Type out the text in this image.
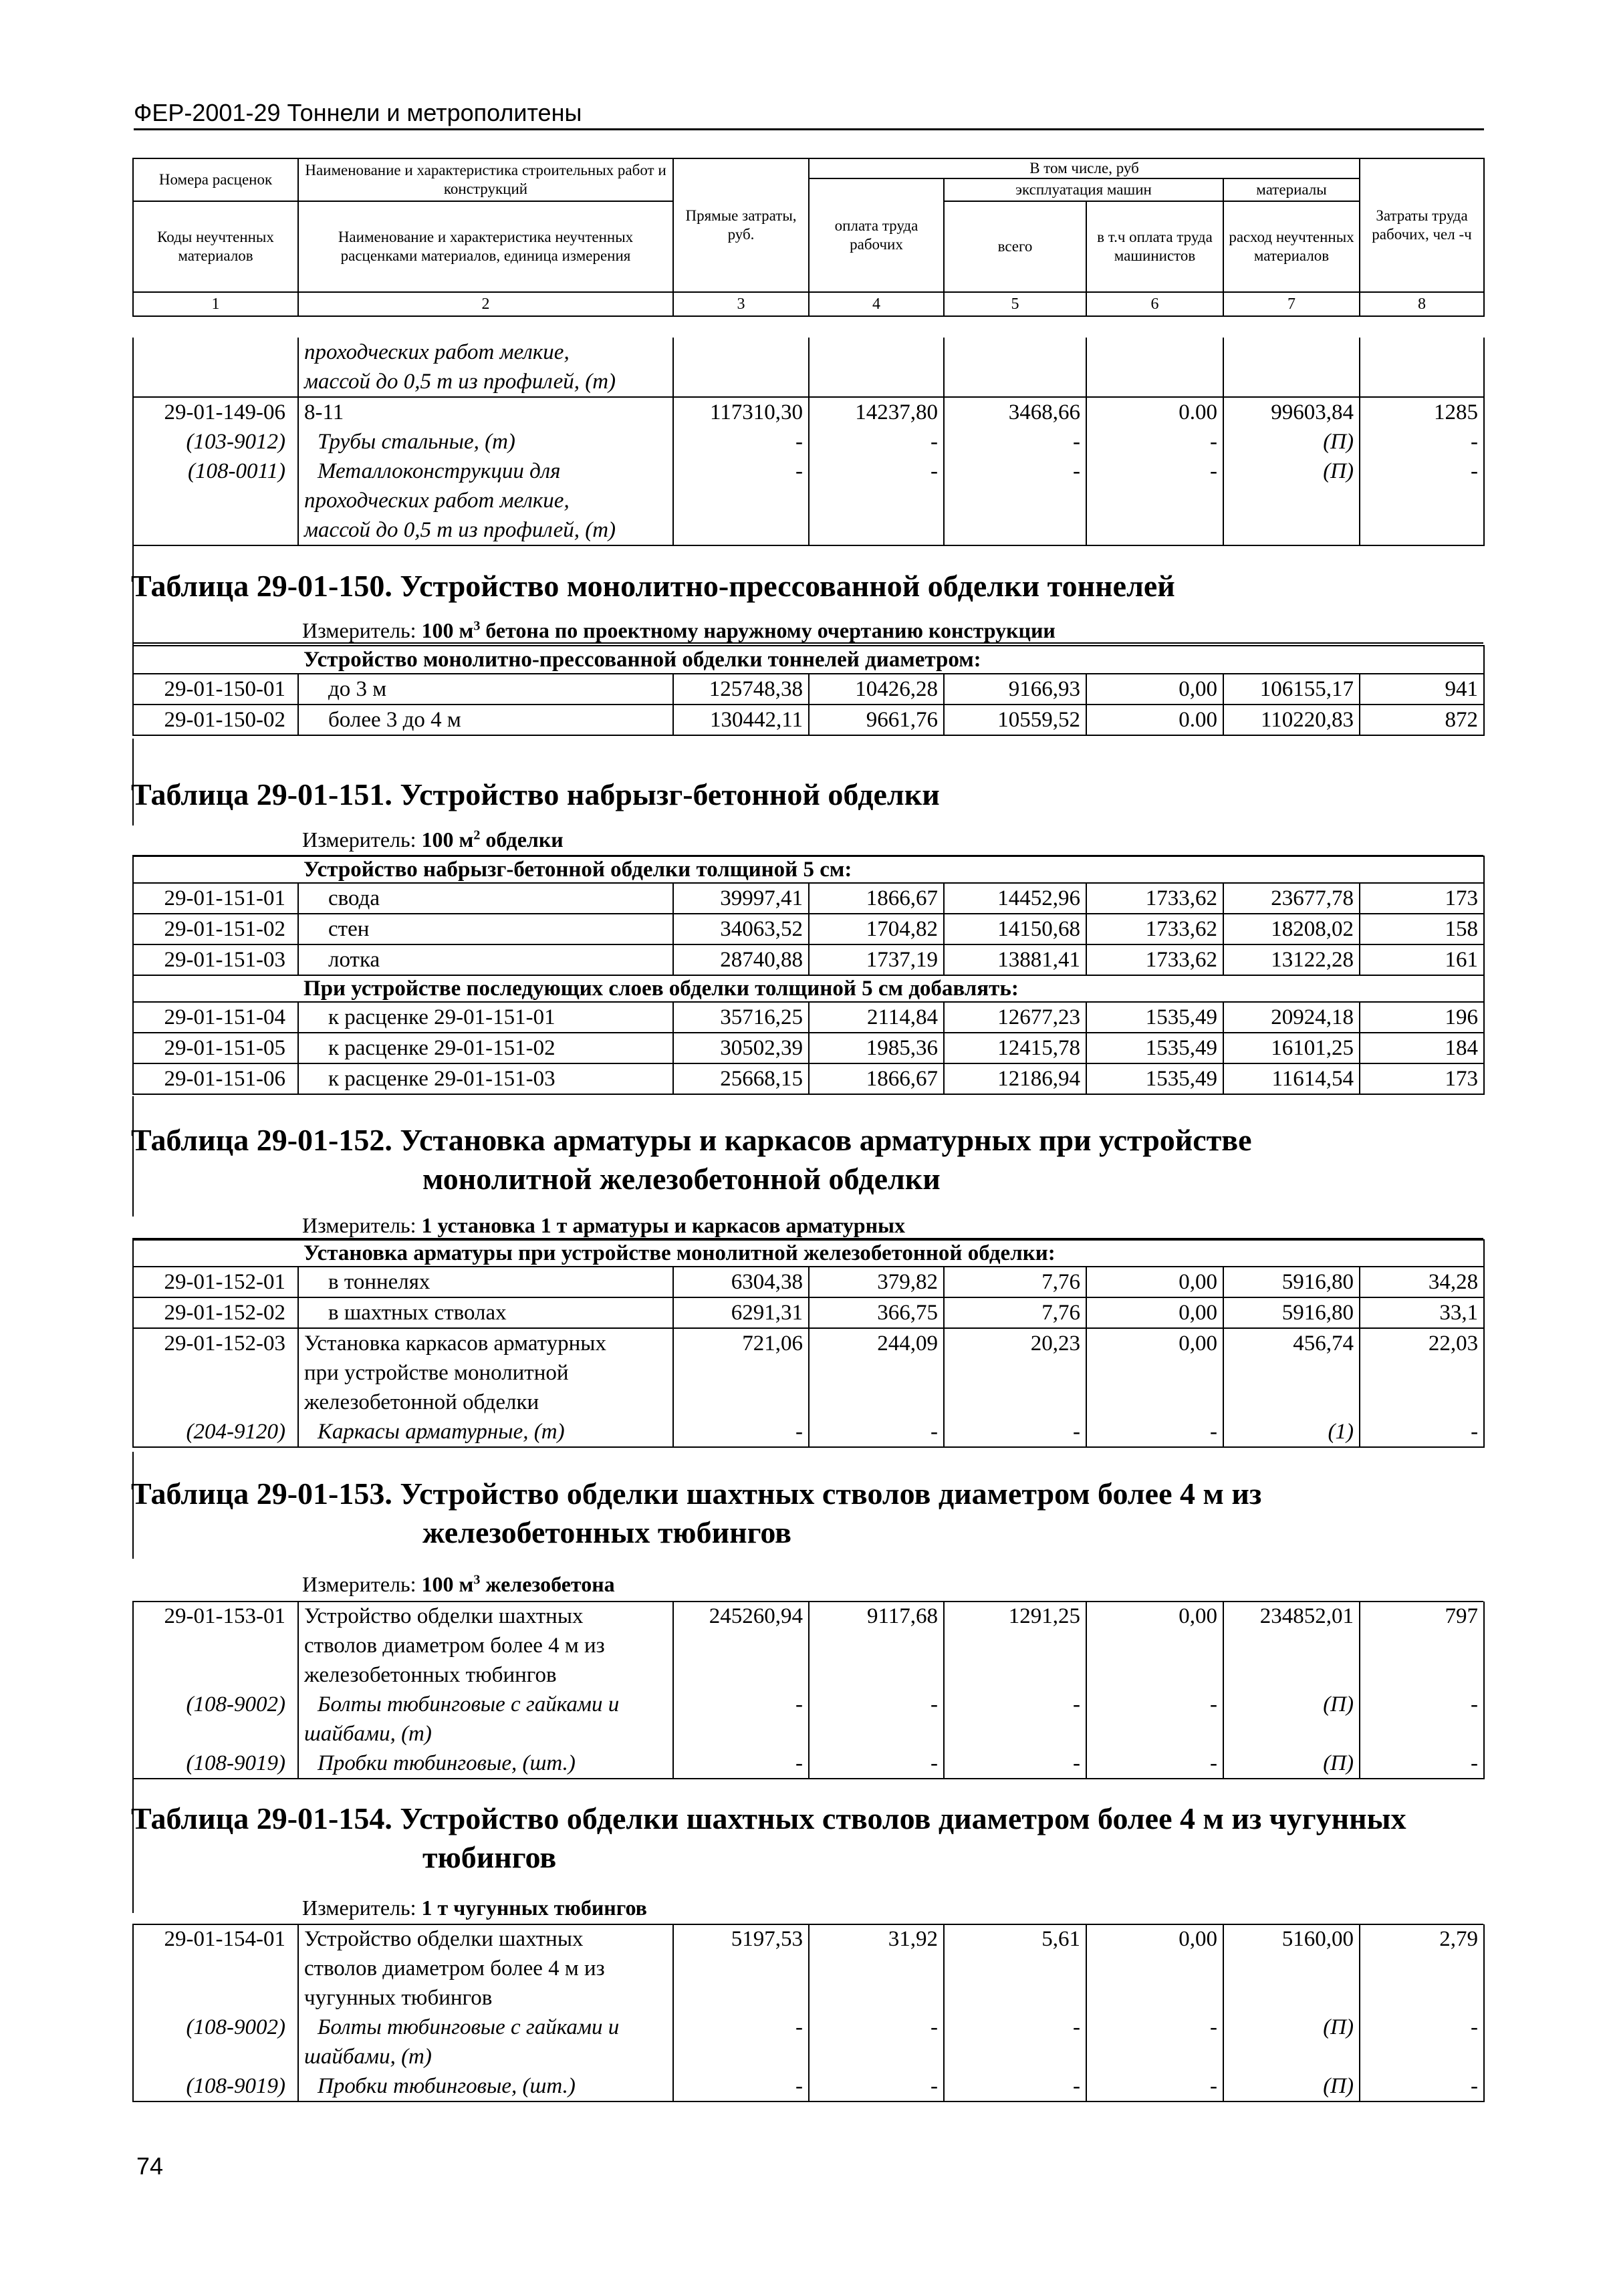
ФЕР-2001-29 Тоннели и метрополитены
Номера расценок	Наименование и характеристика строительных работ и конструкций	Прямые затраты, руб.	В том числе, руб				Затраты труда рабочих, чел -ч
			оплата труда рабочих	эксплуатация машин		материалы	
Коды неучтенных материалов	Наименование и характеристика неучтенных расценками материалов, единица измерения			всего	в т.ч оплата труда машинистов	расход неучтенных материалов	

1	2	3	4	5	6	7	8
	проходческих работ мелкие,						
	массой до 0,5 т из профилей, (т)						
29-01-149-06	8-11	117310,30	14237,80	3468,66	0.00	99603,84	1285
(103-9012)	Трубы стальные, (т)	-	-	-	-	(П)	-
(108-0011)	Металлоконструкции для	-	-	-	-	(П)	-
	проходческих работ мелкие,						
	массой до 0,5 т из профилей, (т)						
Таблица 29-01-150. Устройство монолитно-прессованной обделки тоннелей
Измеритель: 100 $м^3$ бетона по проектному наружному очертанию конструкции
	Устройство монолитно-прессованной обделки тоннелей диаметром:						
29-01-150-01	до 3 м	125748,38	10426,28	9166,93	0,00	106155,17	941
29-01-150-02	более 3 до 4 м	130442,11	9661,76	10559,52	0.00	110220,83	872
Таблица 29-01-151. Устройство набрызг-бетонной обделки
Измеритель: 100 $м^2$ обделки
	Устройство набрызг-бетонной обделки толщиной 5 см:						
29-01-151-01	свода	39997,41	1866,67	14452,96	1733,62	23677,78	173
29-01-151-02	стен	34063,52	1704,82	14150,68	1733,62	18208,02	158
29-01-151-03	лотка	28740,88	1737,19	13881,41	1733,62	13122,28	161
	При устройстве последующих слоев обделки толщиной 5 см добавлять:						
29-01-151-04	к расценке 29-01-151-01	35716,25	2114,84	12677,23	1535,49	20924,18	196
29-01-151-05	к расценке 29-01-151-02	30502,39	1985,36	12415,78	1535,49	16101,25	184
29-01-151-06	к расценке 29-01-151-03	25668,15	1866,67	12186,94	1535,49	11614,54	173
Таблица 29-01-152. Установка арматуры и каркасов арматурных при устройстве
монолитной железобетонной обделки
Измеритель: 1 установка 1 т арматуры и каркасов арматурных
	Установка арматуры при устройстве монолитной железобетонной обделки:						
29-01-152-01	в тоннелях	6304,38	379,82	7,76	0,00	5916,80	34,28
29-01-152-02	в шахтных стволах	6291,31	366,75	7,76	0,00	5916,80	33,1
29-01-152-03	Установка каркасов арматурных	721,06	244,09	20,23	0,00	456,74	22,03
	при устройстве монолитной						
	железобетонной обделки						
(204-9120)	Каркасы арматурные, (т)	-	-	-	-	(1)	-
Таблица 29-01-153. Устройство обделки шахтных стволов диаметром более 4 м из
железобетонных тюбингов
Измеритель: 100 $м^3$ железобетона
29-01-153-01	Устройство обделки шахтных	245260,94	9117,68	1291,25	0,00	234852,01	797
	стволов диаметром более 4 м из						
	железобетонных тюбингов						
(108-9002)	Болты тюбинговые с гайками и	-	-	-	-	(П)	-
	шайбами, (т)						
(108-9019)	Пробки тюбинговые, (шт.)	-	-	-	-	(П)	-
Таблица 29-01-154. Устройство обделки шахтных стволов диаметром более 4 м из чугунных
тюбингов
Измеритель: 1 т чугунных тюбингов
29-01-154-01	Устройство обделки шахтных	5197,53	31,92	5,61	0,00	5160,00	2,79
	стволов диаметром более 4 м из						
	чугунных тюбингов						
(108-9002)	Болты тюбинговые с гайками и	-	-	-	-	(П)	-
	шайбами, (т)						
(108-9019)	Пробки тюбинговые, (шт.)	-	-	-	-	(П)	-
74
